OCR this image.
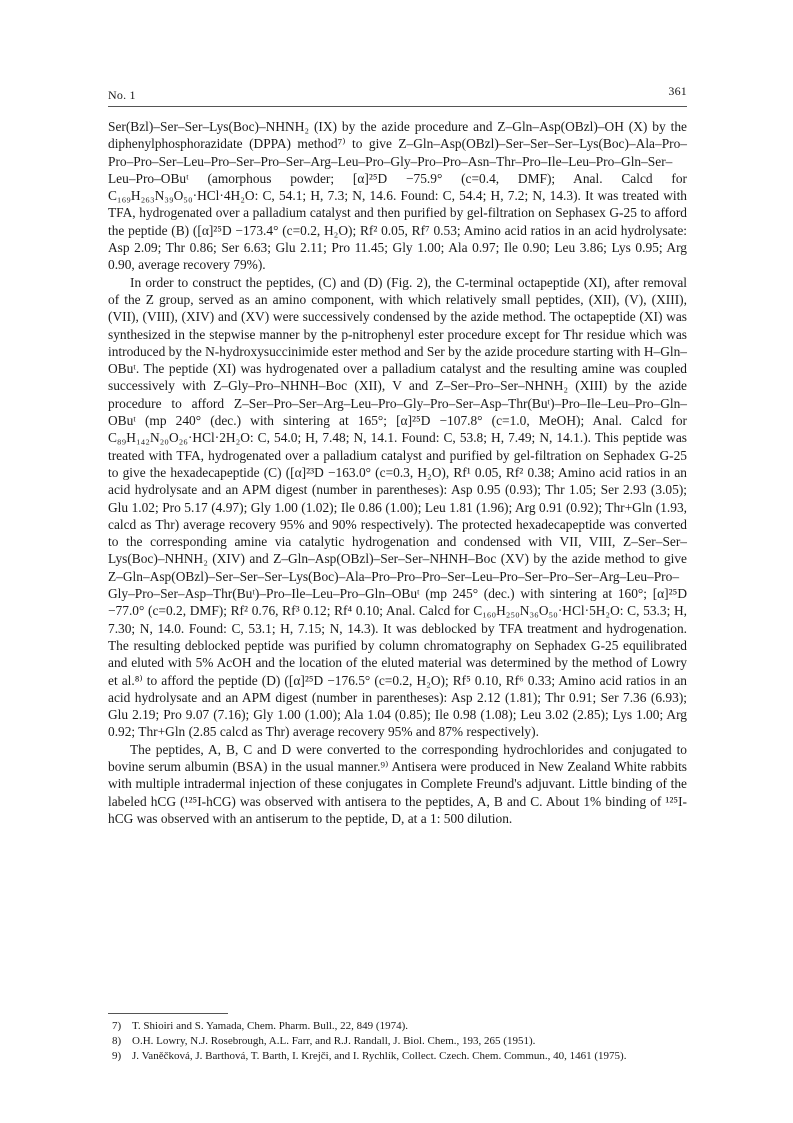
No. 1	361

Ser(Bzl)–Ser–Ser–Lys(Boc)–NHNH₂ (IX) by the azide procedure and Z–Gln–Asp(OBzl)–OH (X) by the diphenylphosphorazidate (DPPA) method⁷⁾ to give Z–Gln–Asp(OBzl)–Ser–Ser–Ser–Lys(Boc)–Ala–Pro–Pro–Pro–Ser–Leu–Pro–Ser–Pro–Ser–Arg–Leu–Pro–Gly–Pro–Pro–Asn–Thr–Pro–Ile–Leu–Pro–Gln–Ser–Leu–Pro–OBuᵗ (amorphous powder; [α]²⁵D −75.9° (c=0.4, DMF); Anal. Calcd for C₁₆₉H₂₆₃N₃₉O₅₀·HCl·4H₂O: C, 54.1; H, 7.3; N, 14.6. Found: C, 54.4; H, 7.2; N, 14.3). It was treated with TFA, hydrogenated over a palladium catalyst and then purified by gel-filtration on Sephasex G-25 to afford the peptide (B) ([α]²⁵D −173.4° (c=0.2, H₂O); Rf² 0.05, Rf⁷ 0.53; Amino acid ratios in an acid hydrolysate: Asp 2.09; Thr 0.86; Ser 6.63; Glu 2.11; Pro 11.45; Gly 1.00; Ala 0.97; Ile 0.90; Leu 3.86; Lys 0.95; Arg 0.90, average recovery 79%).

In order to construct the peptides, (C) and (D) (Fig. 2), the C-terminal octapeptide (XI), after removal of the Z group, served as an amino component, with which relatively small peptides, (XII), (V), (XIII), (VII), (VIII), (XIV) and (XV) were successively condensed by the azide method. The octapeptide (XI) was synthesized in the stepwise manner by the p-nitrophenyl ester procedure except for Thr residue which was introduced by the N-hydroxysuccinimide ester method and Ser by the azide procedure starting with H–Gln–OBuᵗ. The peptide (XI) was hydrogenated over a palladium catalyst and the resulting amine was coupled successively with Z–Gly–Pro–NHNH–Boc (XII), V and Z–Ser–Pro–Ser–NHNH₂ (XIII) by the azide procedure to afford Z–Ser–Pro–Ser–Arg–Leu–Pro–Gly–Pro–Ser–Asp–Thr(Buᵗ)–Pro–Ile–Leu–Pro–Gln–OBuᵗ (mp 240° (dec.) with sintering at 165°; [α]²⁵D −107.8° (c=1.0, MeOH); Anal. Calcd for C₈₉H₁₄₂N₂₀O₂₆·HCl·2H₂O: C, 54.0; H, 7.48; N, 14.1. Found: C, 53.8; H, 7.49; N, 14.1.). This peptide was treated with TFA, hydrogenated over a palladium catalyst and purified by gel-filtration on Sephadex G-25 to give the hexadecapeptide (C) ([α]²³D −163.0° (c=0.3, H₂O), Rf¹ 0.05, Rf² 0.38; Amino acid ratios in an acid hydrolysate and an APM digest (number in parentheses): Asp 0.95 (0.93); Thr 1.05; Ser 2.93 (3.05); Glu 1.02; Pro 5.17 (4.97); Gly 1.00 (1.02); Ile 0.86 (1.00); Leu 1.81 (1.96); Arg 0.91 (0.92); Thr+Gln (1.93, calcd as Thr) average recovery 95% and 90% respectively). The protected hexadecapeptide was converted to the corresponding amine via catalytic hydrogenation and condensed with VII, VIII, Z–Ser–Ser–Lys(Boc)–NHNH₂ (XIV) and Z–Gln–Asp(OBzl)–Ser–Ser–NHNH–Boc (XV) by the azide method to give Z–Gln–Asp(OBzl)–Ser–Ser–Ser–Lys(Boc)–Ala–Pro–Pro–Pro–Ser–Leu–Pro–Ser–Pro–Ser–Arg–Leu–Pro–Gly–Pro–Ser–Asp–Thr(Buᵗ)–Pro–Ile–Leu–Pro–Gln–OBuᵗ (mp 245° (dec.) with sintering at 160°; [α]²⁵D −77.0° (c=0.2, DMF); Rf² 0.76, Rf³ 0.12; Rf⁴ 0.10; Anal. Calcd for C₁₆₀H₂₅₀N₃₆O₅₀·HCl·5H₂O: C, 53.3; H, 7.30; N, 14.0. Found: C, 53.1; H, 7.15; N, 14.3). It was deblocked by TFA treatment and hydrogenation. The resulting deblocked peptide was purified by column chromatography on Sephadex G-25 equilibrated and eluted with 5% AcOH and the location of the eluted material was determined by the method of Lowry et al.⁸⁾ to afford the peptide (D) ([α]²⁵D −176.5° (c=0.2, H₂O); Rf⁵ 0.10, Rf⁶ 0.33; Amino acid ratios in an acid hydrolysate and an APM digest (number in parentheses): Asp 2.12 (1.81); Thr 0.91; Ser 7.36 (6.93); Glu 2.19; Pro 9.07 (7.16); Gly 1.00 (1.00); Ala 1.04 (0.85); Ile 0.98 (1.08); Leu 3.02 (2.85); Lys 1.00; Arg 0.92; Thr+Gln (2.85 calcd as Thr) average recovery 95% and 87% respectively).

The peptides, A, B, C and D were converted to the corresponding hydrochlorides and conjugated to bovine serum albumin (BSA) in the usual manner.⁹⁾ Antisera were produced in New Zealand White rabbits with multiple intradermal injection of these conjugates in Complete Freund's adjuvant. Little binding of the labeled hCG (¹²⁵I-hCG) was observed with antisera to the peptides, A, B and C. About 1% binding of ¹²⁵I-hCG was observed with an antiserum to the peptide, D, at a 1: 500 dilution.

7) T. Shioiri and S. Yamada, Chem. Pharm. Bull., 22, 849 (1974).
8) O.H. Lowry, N.J. Rosebrough, A.L. Farr, and R.J. Randall, J. Biol. Chem., 193, 265 (1951).
9) J. Vaněčková, J. Barthová, T. Barth, I. Krejči, and I. Rychlík, Collect. Czech. Chem. Commun., 40, 1461 (1975).
